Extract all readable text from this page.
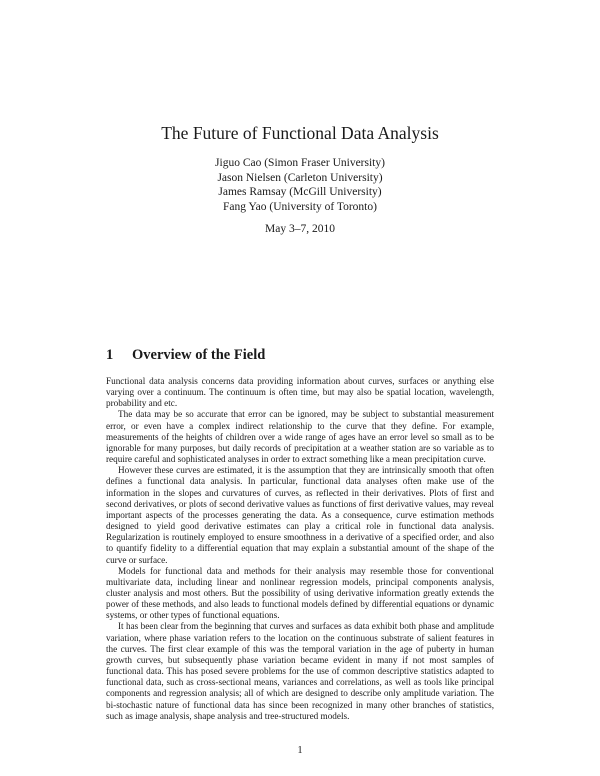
The Future of Functional Data Analysis
Jiguo Cao (Simon Fraser University)
Jason Nielsen (Carleton University)
James Ramsay (McGill University)
Fang Yao (University of Toronto)
May 3–7, 2010
1 Overview of the Field

Functional data analysis concerns data providing information about curves, surfaces or anything else varying over a continuum. The continuum is often time, but may also be spatial location, wavelength, probability and etc.

The data may be so accurate that error can be ignored, may be subject to substantial measurement error, or even have a complex indirect relationship to the curve that they define. For example, measurements of the heights of children over a wide range of ages have an error level so small as to be ignorable for many purposes, but daily records of precipitation at a weather station are so variable as to require careful and sophisticated analyses in order to extract something like a mean precipitation curve.

However these curves are estimated, it is the assumption that they are intrinsically smooth that often defines a functional data analysis. In particular, functional data analyses often make use of the information in the slopes and curvatures of curves, as reflected in their derivatives. Plots of first and second derivatives, or plots of second derivative values as functions of first derivative values, may reveal important aspects of the processes generating the data. As a consequence, curve estimation methods designed to yield good derivative estimates can play a critical role in functional data analysis. Regularization is routinely employed to ensure smoothness in a derivative of a specified order, and also to quantify fidelity to a differential equation that may explain a substantial amount of the shape of the curve or surface.

Models for functional data and methods for their analysis may resemble those for conventional multivariate data, including linear and nonlinear regression models, principal components analysis, cluster analysis and most others. But the possibility of using derivative information greatly extends the power of these methods, and also leads to functional models defined by differential equations or dynamic systems, or other types of functional equations.

It has been clear from the beginning that curves and surfaces as data exhibit both phase and amplitude variation, where phase variation refers to the location on the continuous substrate of salient features in the curves. The first clear example of this was the temporal variation in the age of puberty in human growth curves, but subsequently phase variation became evident in many if not most samples of functional data. This has posed severe problems for the use of common descriptive statistics adapted to functional data, such as cross-sectional means, variances and correlations, as well as tools like principal components and regression analysis; all of which are designed to describe only amplitude variation. The bi-stochastic nature of functional data has since been recognized in many other branches of statistics, such as image analysis, shape analysis and tree-structured models.

1
